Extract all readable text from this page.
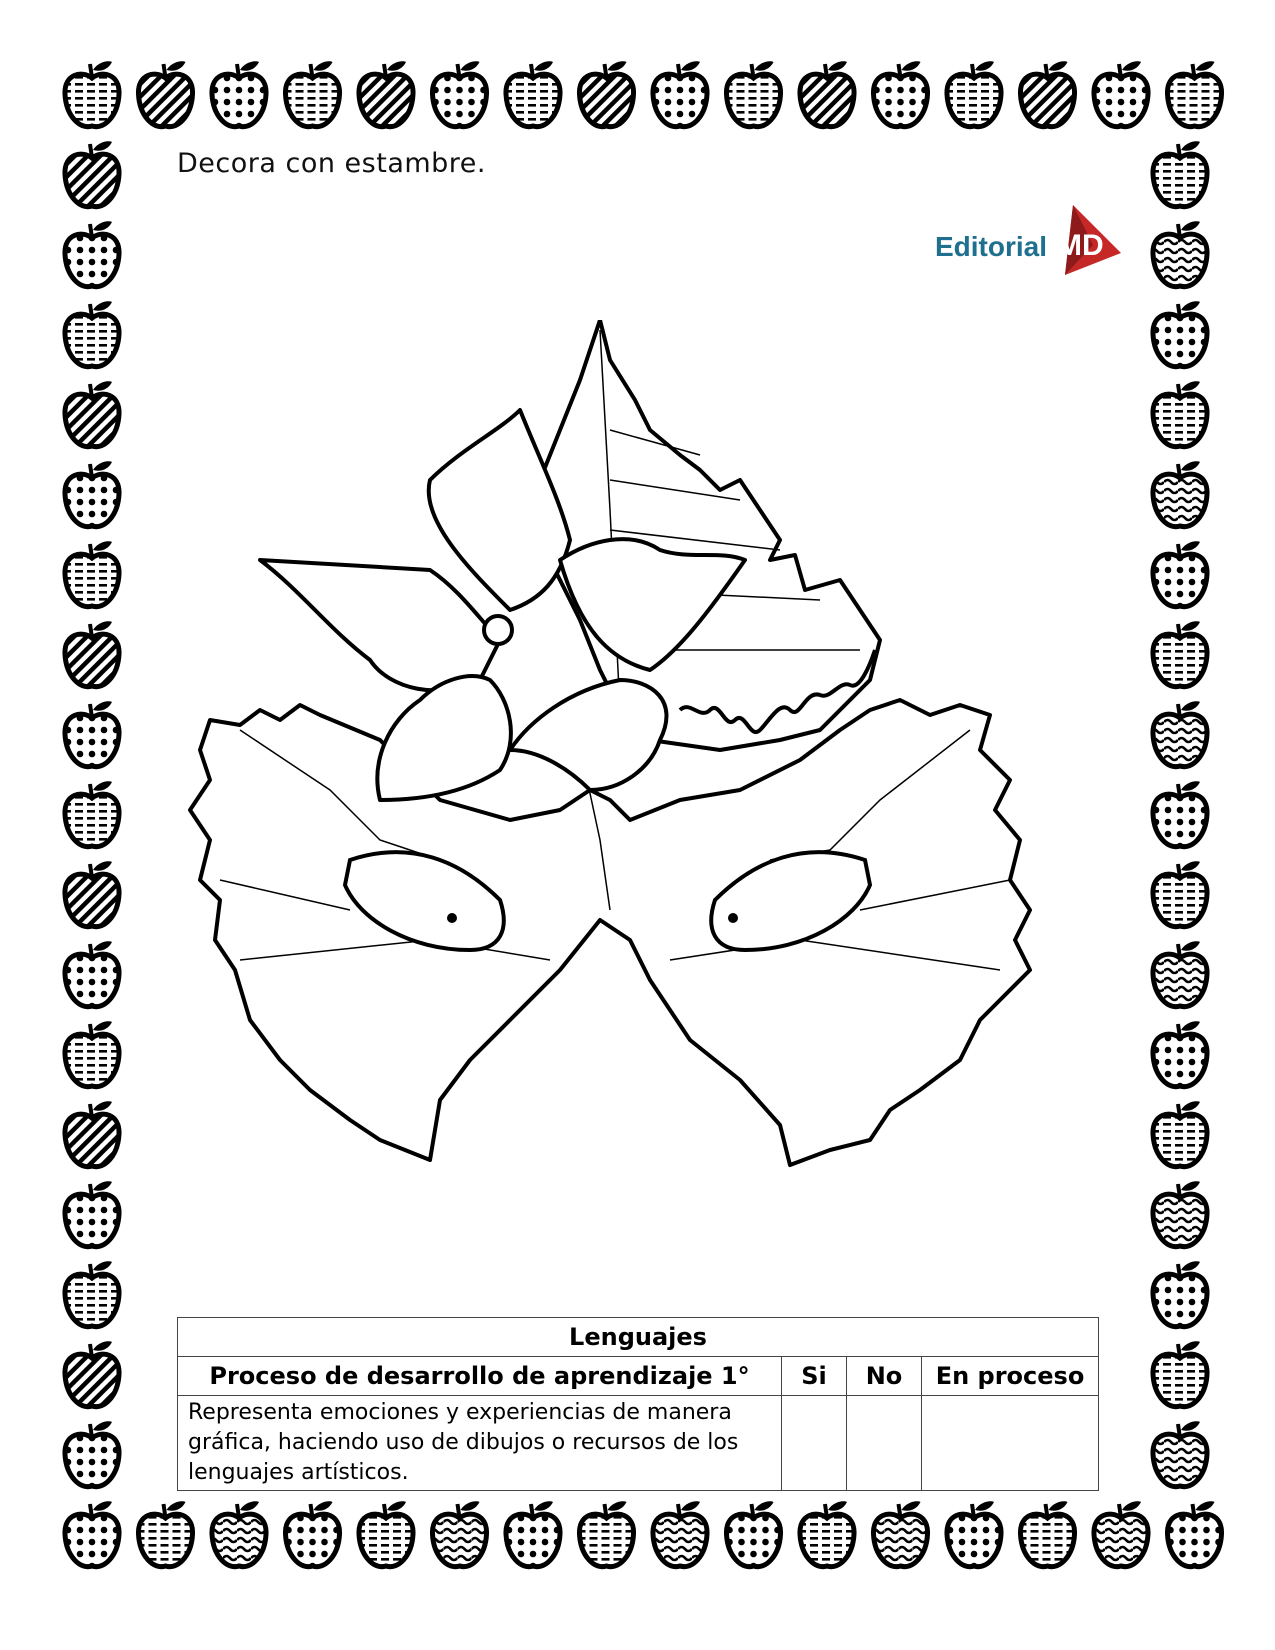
Decora con estambre.
Editorial MD
Lenguajes			
Proceso de desarrollo de aprendizaje 1°	Si	No	En proceso
Representa emociones y experiencias de manera gráfica, haciendo uso de dibujos o recursos de los lenguajes artísticos.			
